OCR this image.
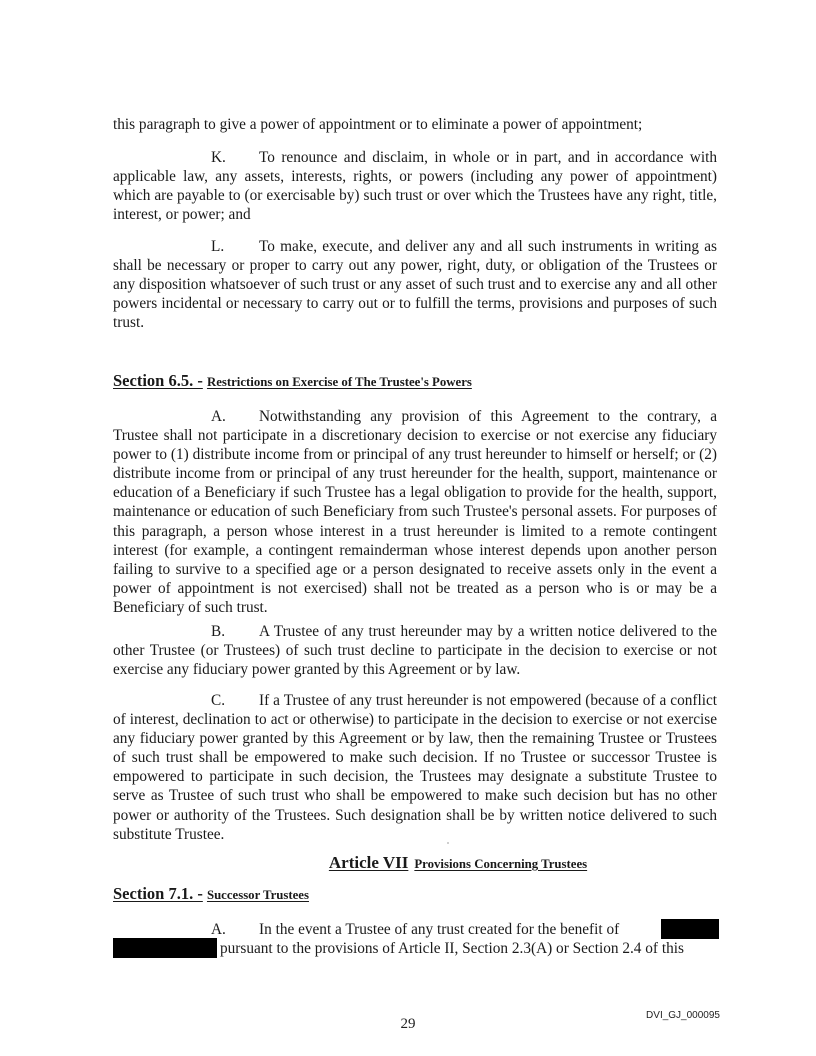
this paragraph to give a power of appointment or to eliminate a power of appointment;
K. To renounce and disclaim, in whole or in part, and in accordance with applicable law, any assets, interests, rights, or powers (including any power of appointment) which are payable to (or exercisable by) such trust or over which the Trustees have any right, title, interest, or power; and
L. To make, execute, and deliver any and all such instruments in writing as shall be necessary or proper to carry out any power, right, duty, or obligation of the Trustees or any disposition whatsoever of such trust or any asset of such trust and to exercise any and all other powers incidental or necessary to carry out or to fulfill the terms, provisions and purposes of such trust.
Section 6.5. - Restrictions on Exercise of The Trustee's Powers
A. Notwithstanding any provision of this Agreement to the contrary, a Trustee shall not participate in a discretionary decision to exercise or not exercise any fiduciary power to (1) distribute income from or principal of any trust hereunder to himself or herself; or (2) distribute income from or principal of any trust hereunder for the health, support, maintenance or education of a Beneficiary if such Trustee has a legal obligation to provide for the health, support, maintenance or education of such Beneficiary from such Trustee's personal assets. For purposes of this paragraph, a person whose interest in a trust hereunder is limited to a remote contingent interest (for example, a contingent remainderman whose interest depends upon another person failing to survive to a specified age or a person designated to receive assets only in the event a power of appointment is not exercised) shall not be treated as a person who is or may be a Beneficiary of such trust.
B. A Trustee of any trust hereunder may by a written notice delivered to the other Trustee (or Trustees) of such trust decline to participate in the decision to exercise or not exercise any fiduciary power granted by this Agreement or by law.
C. If a Trustee of any trust hereunder is not empowered (because of a conflict of interest, declination to act or otherwise) to participate in the decision to exercise or not exercise any fiduciary power granted by this Agreement or by law, then the remaining Trustee or Trustees of such trust shall be empowered to make such decision. If no Trustee or successor Trustee is empowered to participate in such decision, the Trustees may designate a substitute Trustee to serve as Trustee of such trust who shall be empowered to make such decision but has no other power or authority of the Trustees. Such designation shall be by written notice delivered to such substitute Trustee.
Article VII Provisions Concerning Trustees
Section 7.1. - Successor Trustees
A. In the event a Trustee of any trust created for the benefit of
pursuant to the provisions of Article II, Section 2.3(A) or Section 2.4 of this
DVI_GJ_000095
29
